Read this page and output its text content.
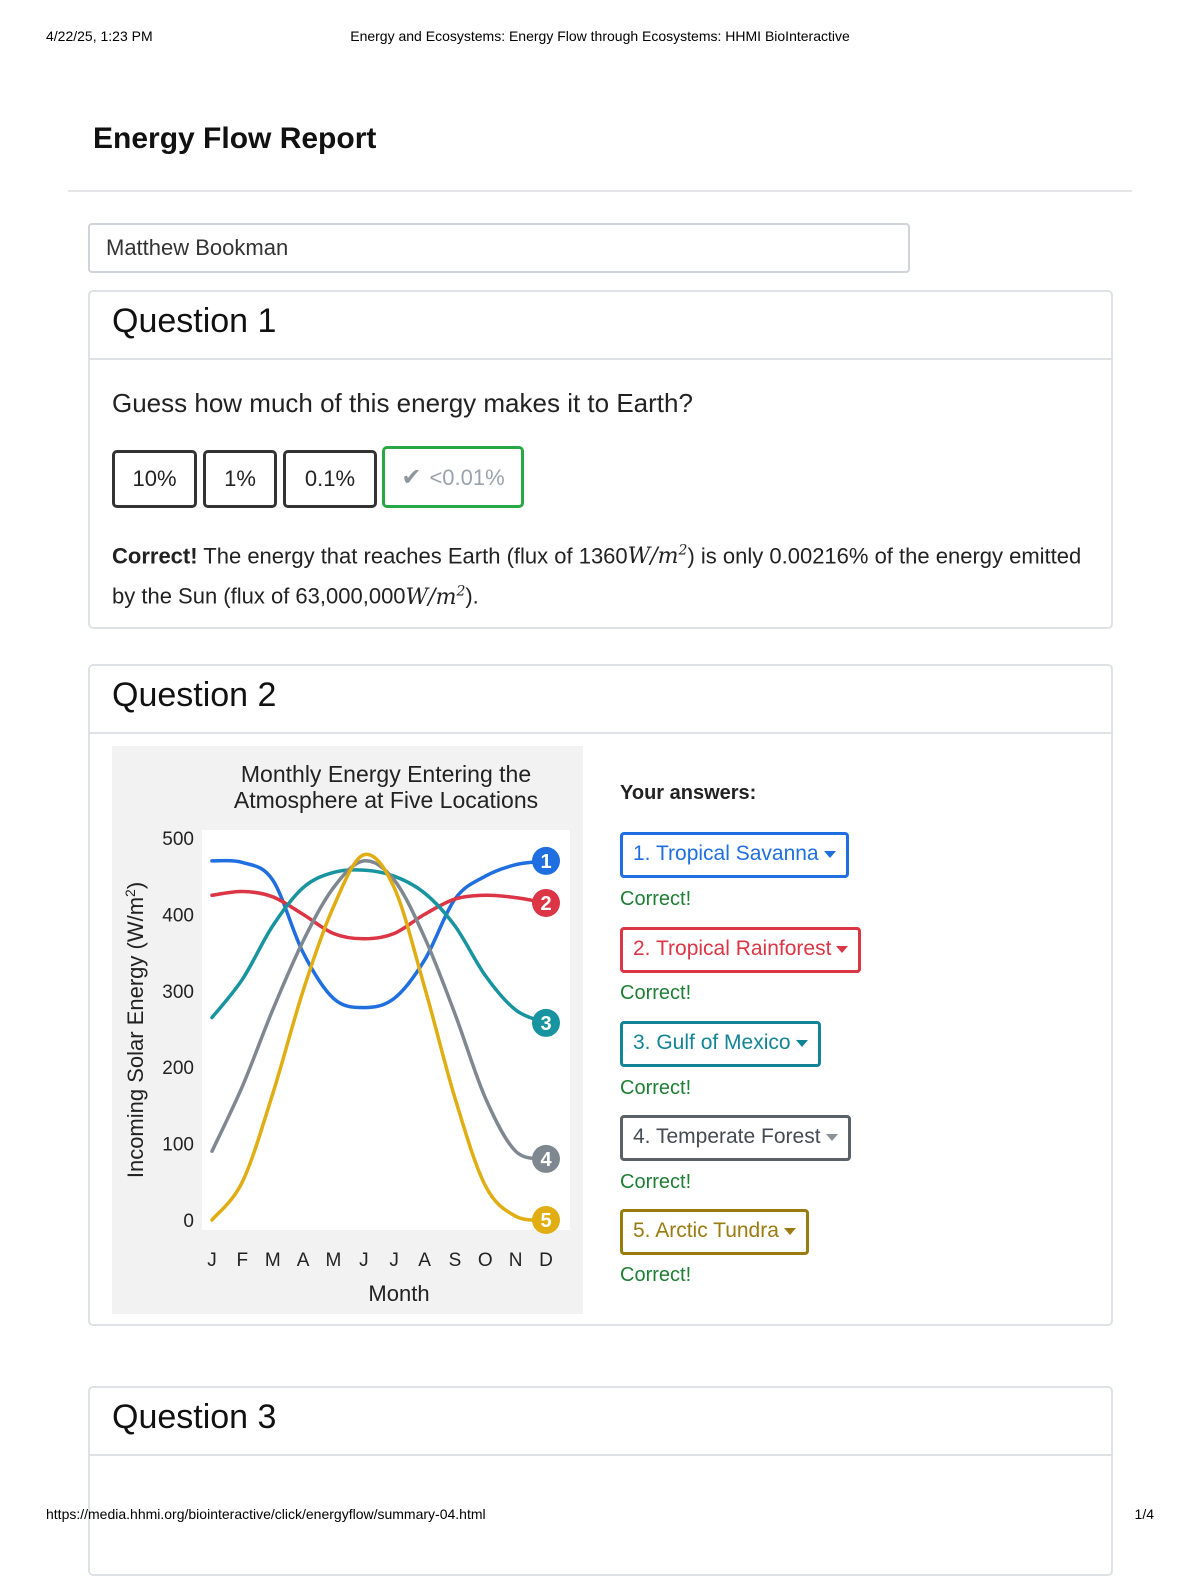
4/22/25, 1:23 PM	Energy and Ecosystems: Energy Flow through Ecosystems: HHMI BioInteractive
Energy Flow Report
Matthew Bookman
Question 1

Guess how much of this energy makes it to Earth?

10%	1%	0.1%	✔ <0.01%

Correct! The energy that reaches Earth (flux of $1360W/m^2$) is only 0.00216% of the energy emitted by the Sun (flux of $63,000,000W/m^2$).

Question 2
Monthly Energy Entering the
Atmosphere at Five Locations
Incoming Solar Energy $(W/m^2)$
Month
0
100
200
300
400
500
J F M A M J J A S O N D
1
2
3
4
5

Your answers:

1. Tropical Savanna
Correct!
2. Tropical Rainforest
Correct!
3. Gulf of Mexico
Correct!
4. Temperate Forest
Correct!
5. Arctic Tundra
Correct!
Question 3
https://media.hhmi.org/biointeractive/click/energyflow/summary-04.html	1/4
